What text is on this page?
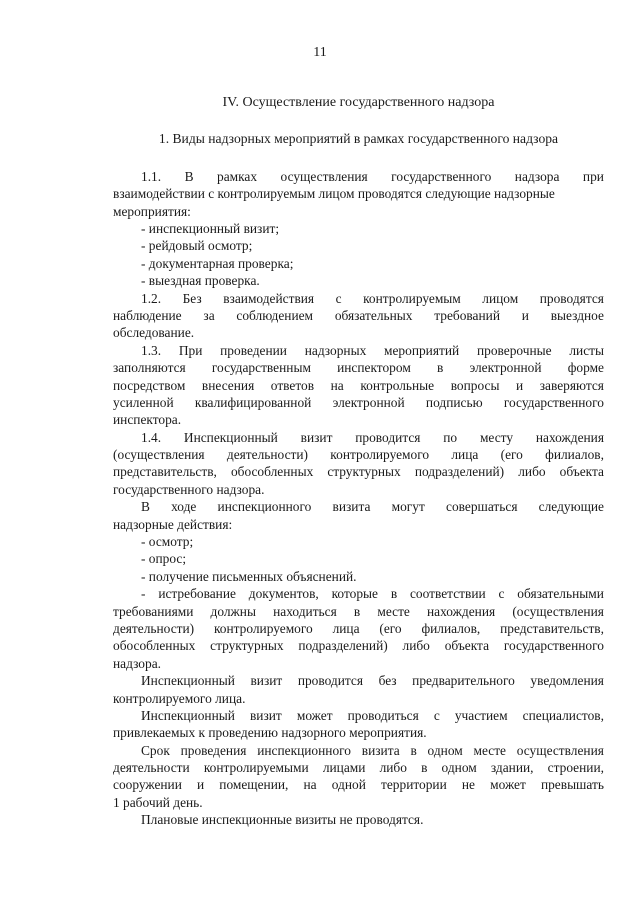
11
IV. Осуществление государственного надзора
1. Виды надзорных мероприятий в рамках государственного надзора
1.1. В рамках осуществления государственного надзора при
взаимодействии с контролируемым лицом проводятся следующие надзорные
мероприятия:
- инспекционный визит;
- рейдовый осмотр;
- документарная проверка;
- выездная проверка.
1.2. Без взаимодействия с контролируемым лицом проводятся
наблюдение за соблюдением обязательных требований и выездное
обследование.
1.3. При проведении надзорных мероприятий проверочные листы
заполняются государственным инспектором в электронной форме
посредством внесения ответов на контрольные вопросы и заверяются
усиленной квалифицированной электронной подписью государственного
инспектора.
1.4. Инспекционный визит проводится по месту нахождения
(осуществления деятельности) контролируемого лица (его филиалов,
представительств, обособленных структурных подразделений) либо объекта
государственного надзора.
В ходе инспекционного визита могут совершаться следующие
надзорные действия:
- осмотр;
- опрос;
- получение письменных объяснений.
- истребование документов, которые в соответствии с обязательными
требованиями должны находиться в месте нахождения (осуществления
деятельности) контролируемого лица (его филиалов, представительств,
обособленных структурных подразделений) либо объекта государственного
надзора.
Инспекционный визит проводится без предварительного уведомления
контролируемого лица.
Инспекционный визит может проводиться с участием специалистов,
привлекаемых к проведению надзорного мероприятия.
Срок проведения инспекционного визита в одном месте осуществления
деятельности контролируемыми лицами либо в одном здании, строении,
сооружении и помещении, на одной территории не может превышать
1 рабочий день.
Плановые инспекционные визиты не проводятся.
